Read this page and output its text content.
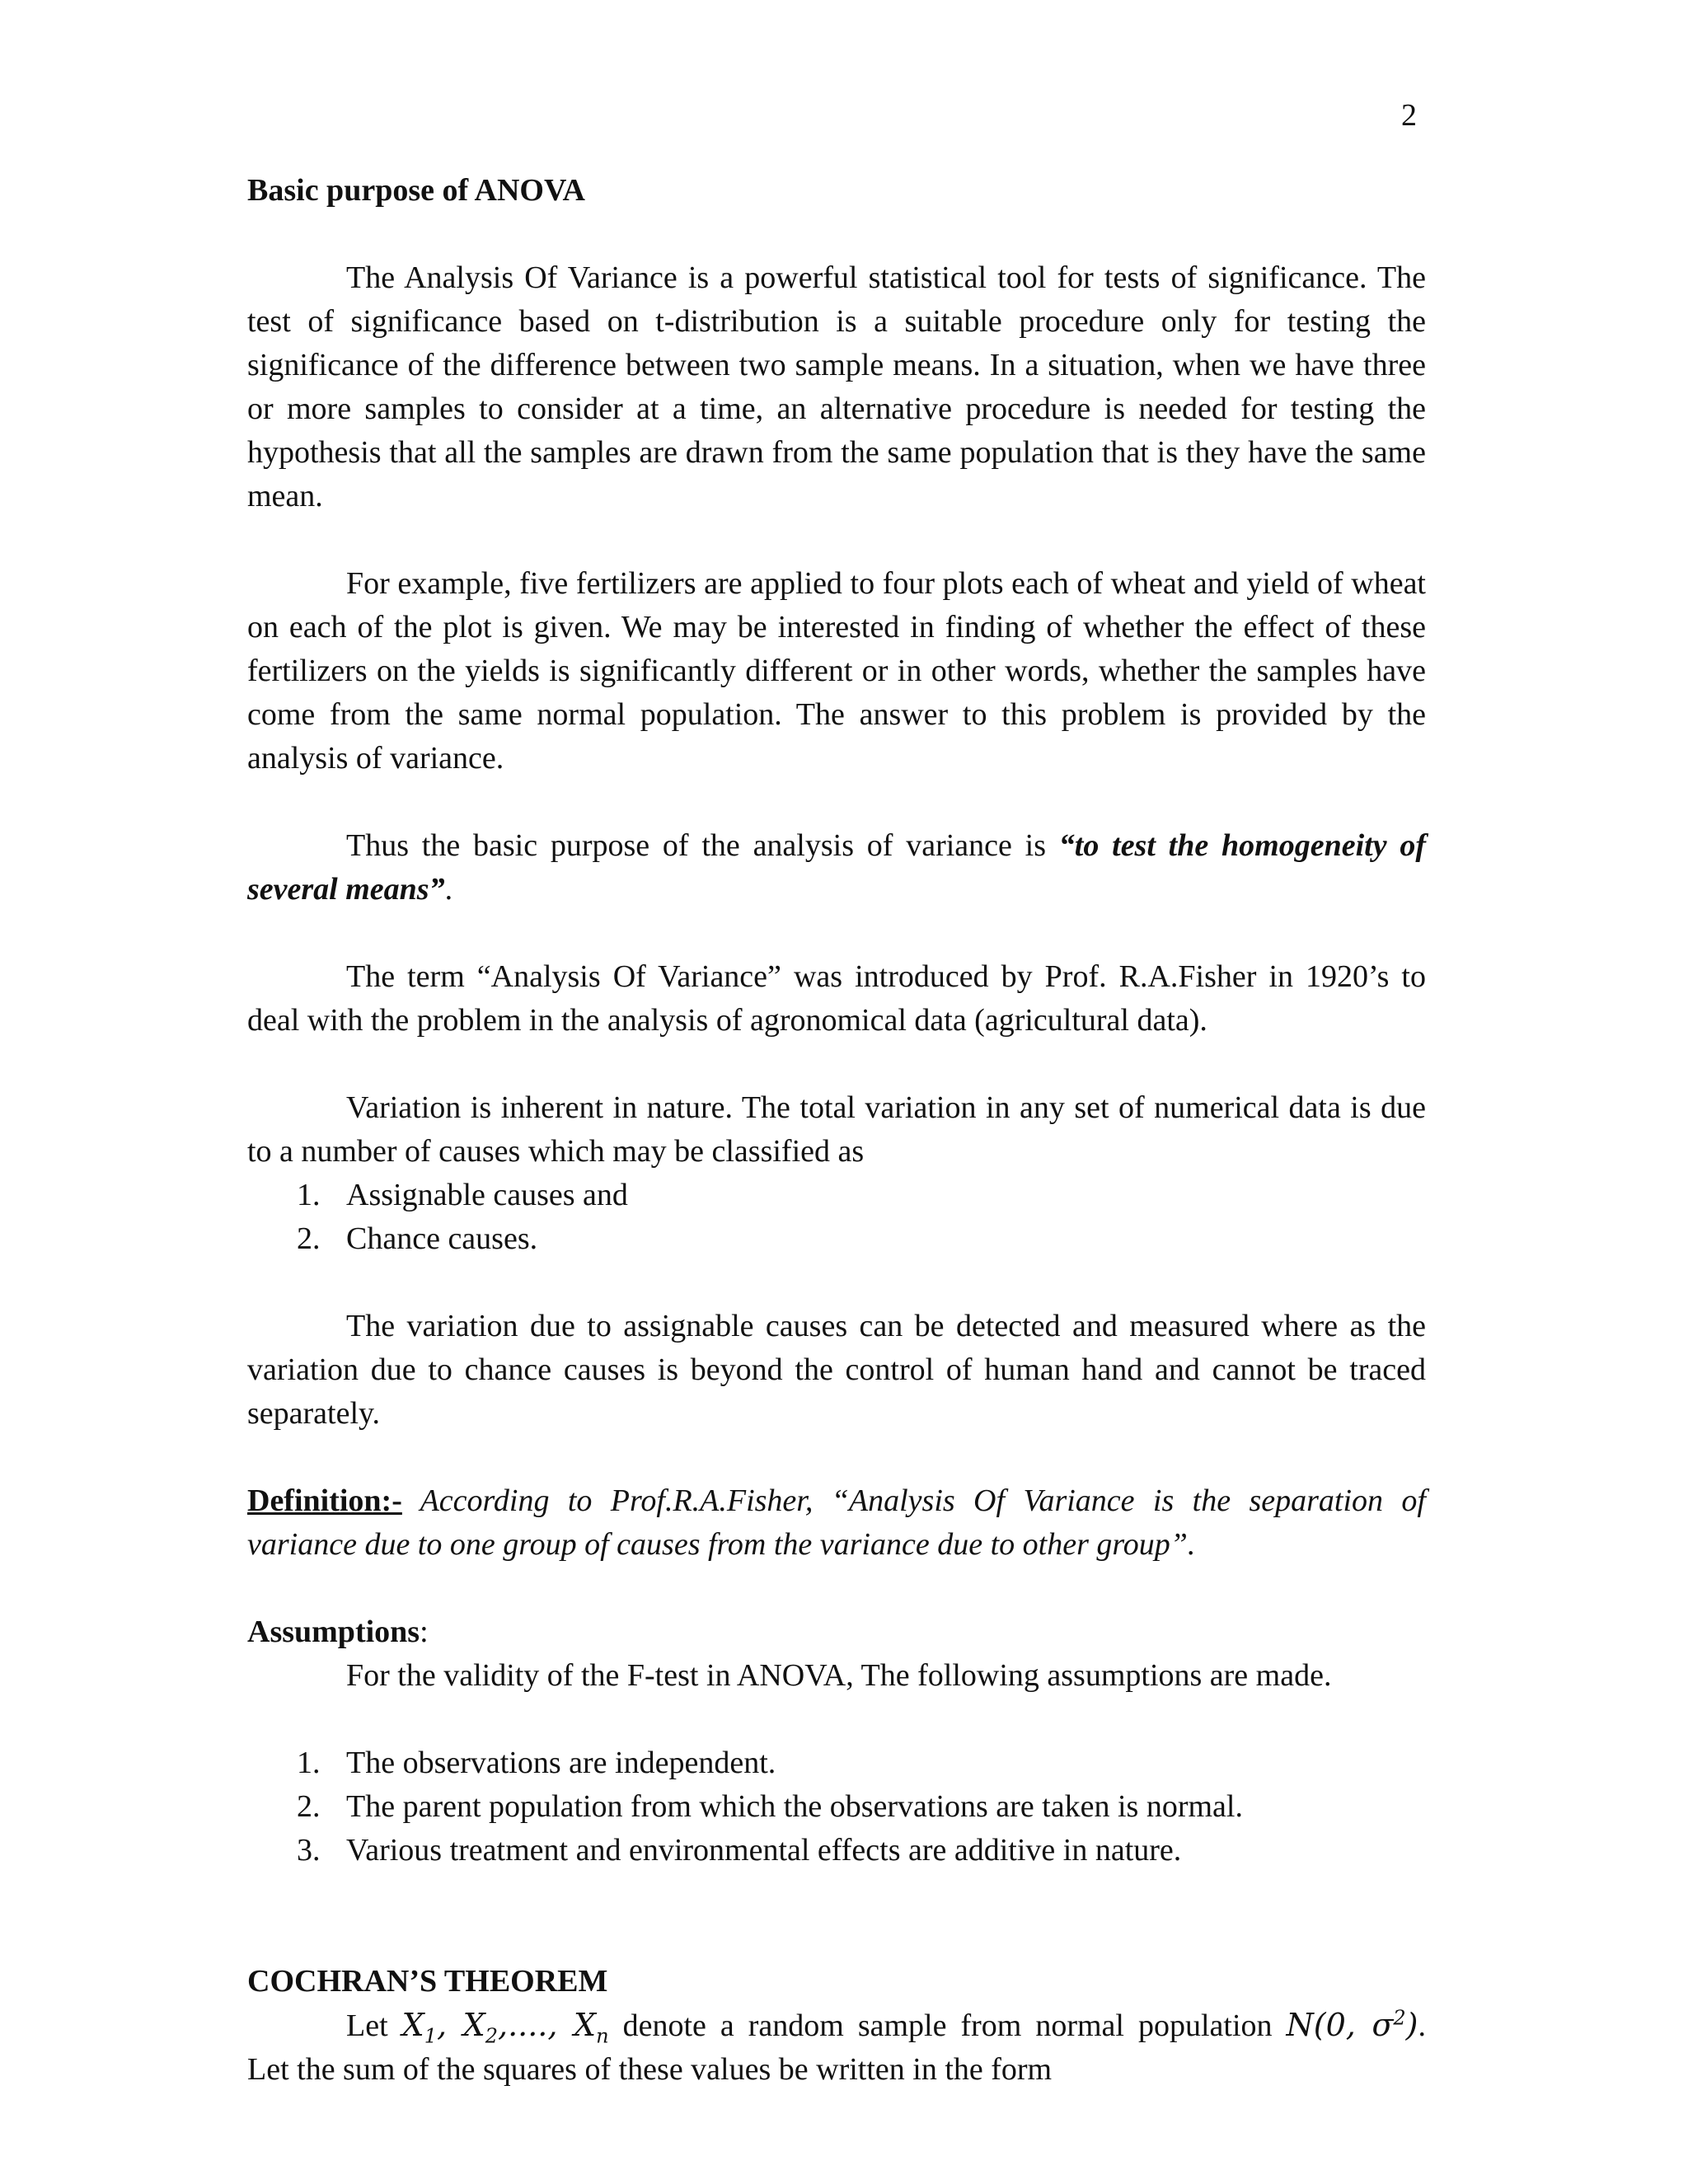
2
Basic purpose of ANOVA

The Analysis Of Variance is a powerful statistical tool for tests of significance. The test of significance based on t-distribution is a suitable procedure only for testing the significance of the difference between two sample means. In a situation, when we have three or more samples to consider at a time, an alternative procedure is needed for testing the hypothesis that all the samples are drawn from the same population that is they have the same mean.

For example, five fertilizers are applied to four plots each of wheat and yield of wheat on each of the plot is given. We may be interested in finding of whether the effect of these fertilizers on the yields is significantly different or in other words, whether the samples have come from the same normal population. The answer to this problem is provided by the analysis of variance.

Thus the basic purpose of the analysis of variance is “to test the homogeneity of several means”.

The term “Analysis Of Variance” was introduced by Prof. R.A.Fisher in 1920’s to deal with the problem in the analysis of agronomical data (agricultural data).

Variation is inherent in nature. The total variation in any set of numerical data is due to a number of causes which may be classified as

1. Assignable causes and
2. Chance causes.

The variation due to assignable causes can be detected and measured where as the variation due to chance causes is beyond the control of human hand and cannot be traced separately.

Definition:- According to Prof.R.A.Fisher, “Analysis Of Variance is the separation of variance due to one group of causes from the variance due to other group”.

Assumptions:

For the validity of the F-test in ANOVA, The following assumptions are made.

1. The observations are independent.
2. The parent population from which the observations are taken is normal.
3. Various treatment and environmental effects are additive in nature.
COCHRAN’S THEOREM

Let $X_1$, $X_2$,...., $X_n$ denote a random sample from normal population N(0, $\sigma^2$).

Let the sum of the squares of these values be written in the form
